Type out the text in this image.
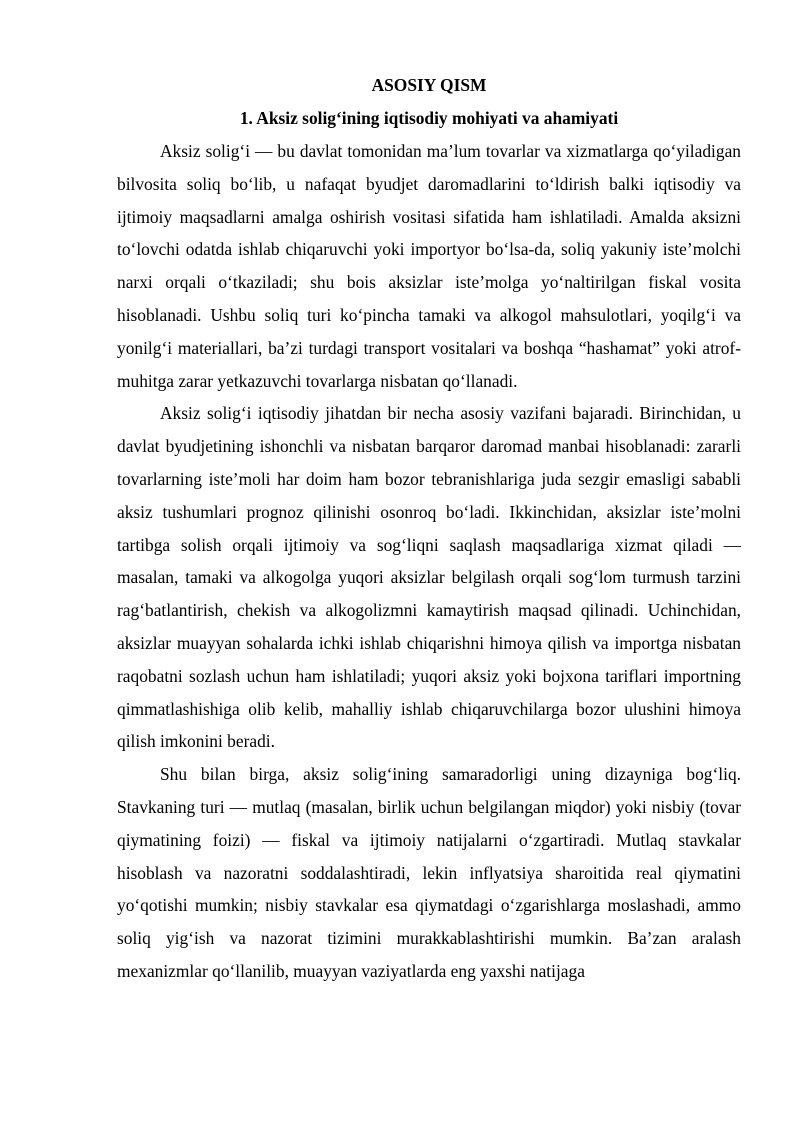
ASOSIY QISM
1. Aksiz solig‘ining iqtisodiy mohiyati va ahamiyati

Aksiz solig‘i — bu davlat tomonidan ma’lum tovarlar va xizmatlarga qo‘yiladigan bilvosita soliq bo‘lib, u nafaqat byudjet daromadlarini to‘ldirish balki iqtisodiy va ijtimoiy maqsadlarni amalga oshirish vositasi sifatida ham ishlatiladi. Amalda aksizni to‘lovchi odatda ishlab chiqaruvchi yoki importyor bo‘lsa-da, soliq yakuniy iste’molchi narxi orqali o‘tkaziladi; shu bois aksizlar iste’molga yo‘naltirilgan fiskal vosita hisoblanadi. Ushbu soliq turi ko‘pincha tamaki va alkogol mahsulotlari, yoqilg‘i va yonilg‘i materiallari, ba’zi turdagi transport vositalari va boshqa “hashamat” yoki atrof-muhitga zarar yetkazuvchi tovarlarga nisbatan qo‘llanadi.

Aksiz solig‘i iqtisodiy jihatdan bir necha asosiy vazifani bajaradi. Birinchidan, u davlat byudjetining ishonchli va nisbatan barqaror daromad manbai hisoblanadi: zararli tovarlarning iste’moli har doim ham bozor tebranishlariga juda sezgir emasligi sababli aksiz tushumlari prognoz qilinishi osonroq bo‘ladi. Ikkinchidan, aksizlar iste’molni tartibga solish orqali ijtimoiy va sog‘liqni saqlash maqsadlariga xizmat qiladi — masalan, tamaki va alkogolga yuqori aksizlar belgilash orqali sog‘lom turmush tarzini rag‘batlantirish, chekish va alkogolizmni kamaytirish maqsad qilinadi. Uchinchidan, aksizlar muayyan sohalarda ichki ishlab chiqarishni himoya qilish va importga nisbatan raqobatni sozlash uchun ham ishlatiladi; yuqori aksiz yoki bojxona tariflari importning qimmatlashishiga olib kelib, mahalliy ishlab chiqaruvchilarga bozor ulushini himoya qilish imkonini beradi.

Shu bilan birga, aksiz solig‘ining samaradorligi uning dizayniga bog‘liq. Stavkaning turi — mutlaq (masalan, birlik uchun belgilangan miqdor) yoki nisbiy (tovar qiymatining foizi) — fiskal va ijtimoiy natijalarni o‘zgartiradi. Mutlaq stavkalar hisoblash va nazoratni soddalashtiradi, lekin inflyatsiya sharoitida real qiymatini yo‘qotishi mumkin; nisbiy stavkalar esa qiymatdagi o‘zgarishlarga moslashadi, ammo soliq yig‘ish va nazorat tizimini murakkablashtirishi mumkin. Ba’zan aralash mexanizmlar qo‘llanilib, muayyan vaziyatlarda eng yaxshi natijaga
